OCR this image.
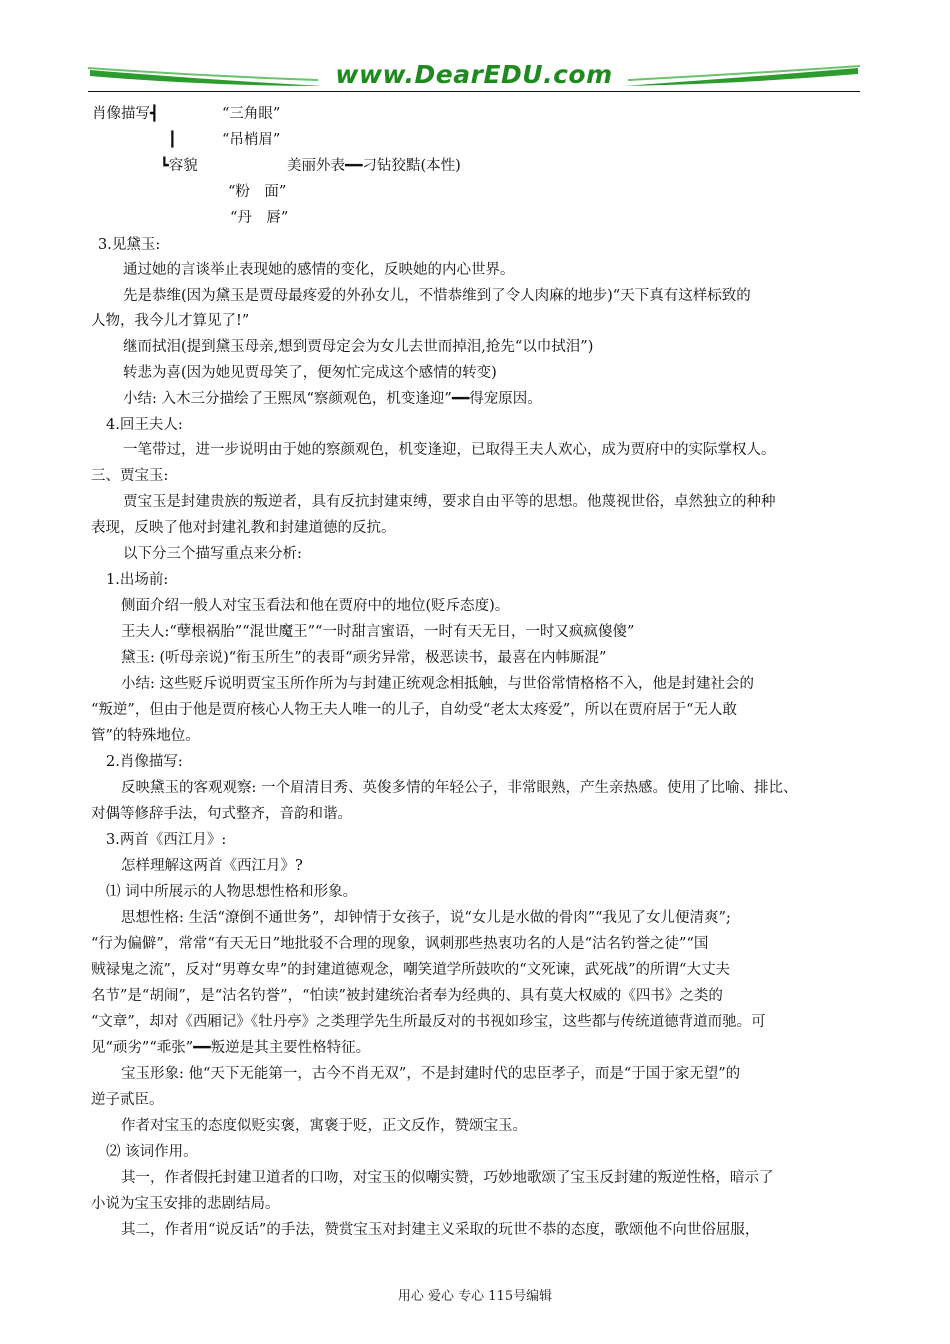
www.DearEDU.com
肖像描写┫	“三角眼”
┃	“吊梢眉”
┗容貌	美丽外表━━刁钻狡黠(本性)
“粉　面”
“丹　唇”
3.见黛玉:
通过她的言谈举止表现她的感情的变化，反映她的内心世界。
先是恭维(因为黛玉是贾母最疼爱的外孙女儿，不惜恭维到了令人肉麻的地步)“天下真有这样标致的
人物，我今儿才算见了!”
继而拭泪(提到黛玉母亲,想到贾母定会为女儿去世而掉泪,抢先“以巾拭泪”)
转悲为喜(因为她见贾母笑了，便匆忙完成这个感情的转变)
小结: 入木三分描绘了王熙凤“察颜观色，机变逢迎”━━得宠原因。
4.回王夫人:
一笔带过，进一步说明由于她的察颜观色，机变逢迎，已取得王夫人欢心，成为贾府中的实际掌权人。
三、贾宝玉:
贾宝玉是封建贵族的叛逆者，具有反抗封建束缚，要求自由平等的思想。他蔑视世俗，卓然独立的种种
表现，反映了他对封建礼教和封建道德的反抗。
以下分三个描写重点来分析:
1.出场前:
侧面介绍一般人对宝玉看法和他在贾府中的地位(贬斥态度)。
王夫人:“孽根祸胎”“混世魔王”“一时甜言蜜语，一时有天无日，一时又疯疯傻傻”
黛玉: (听母亲说)“衔玉所生”的表哥“顽劣异常，极恶读书，最喜在内帏厮混”
小结: 这些贬斥说明贾宝玉所作所为与封建正统观念相抵触，与世俗常情格格不入，他是封建社会的
“叛逆”，但由于他是贾府核心人物王夫人唯一的儿子，自幼受“老太太疼爱”，所以在贾府居于“无人敢
管”的特殊地位。
2.肖像描写:
反映黛玉的客观观察: 一个眉清目秀、英俊多情的年轻公子，非常眼熟，产生亲热感。使用了比喻、排比、
对偶等修辞手法，句式整齐，音韵和谐。
3.两首《西江月》:
怎样理解这两首《西江月》?
⑴ 词中所展示的人物思想性格和形象。
思想性格: 生活“潦倒不通世务”，却钟情于女孩子，说“女儿是水做的骨肉”“我见了女儿便清爽”;
“行为偏僻”，常常“有天无日”地批驳不合理的现象，讽刺那些热衷功名的人是“沽名钓誉之徒”“国
贼禄鬼之流”，反对“男尊女卑”的封建道德观念，嘲笑道学所鼓吹的“文死谏，武死战”的所谓“大丈夫
名节”是“胡闹”，是“沽名钓誉”，“怕读”被封建统治者奉为经典的、具有莫大权威的《四书》之类的
“文章”，却对《西厢记》《牡丹亭》之类理学先生所最反对的书视如珍宝，这些都与传统道德背道而驰。可
见“顽劣”“乖张”━━叛逆是其主要性格特征。
宝玉形象: 他“天下无能第一，古今不肖无双”，不是封建时代的忠臣孝子，而是“于国于家无望”的
逆子贰臣。
作者对宝玉的态度似贬实褒，寓褒于贬，正文反作，赞颂宝玉。
⑵ 该词作用。
其一，作者假托封建卫道者的口吻，对宝玉的似嘲实赞，巧妙地歌颂了宝玉反封建的叛逆性格，暗示了
小说为宝玉安排的悲剧结局。
其二，作者用“说反话”的手法，赞赏宝玉对封建主义采取的玩世不恭的态度，歌颂他不向世俗屈服，
用心 爱心 专心 115号编辑
